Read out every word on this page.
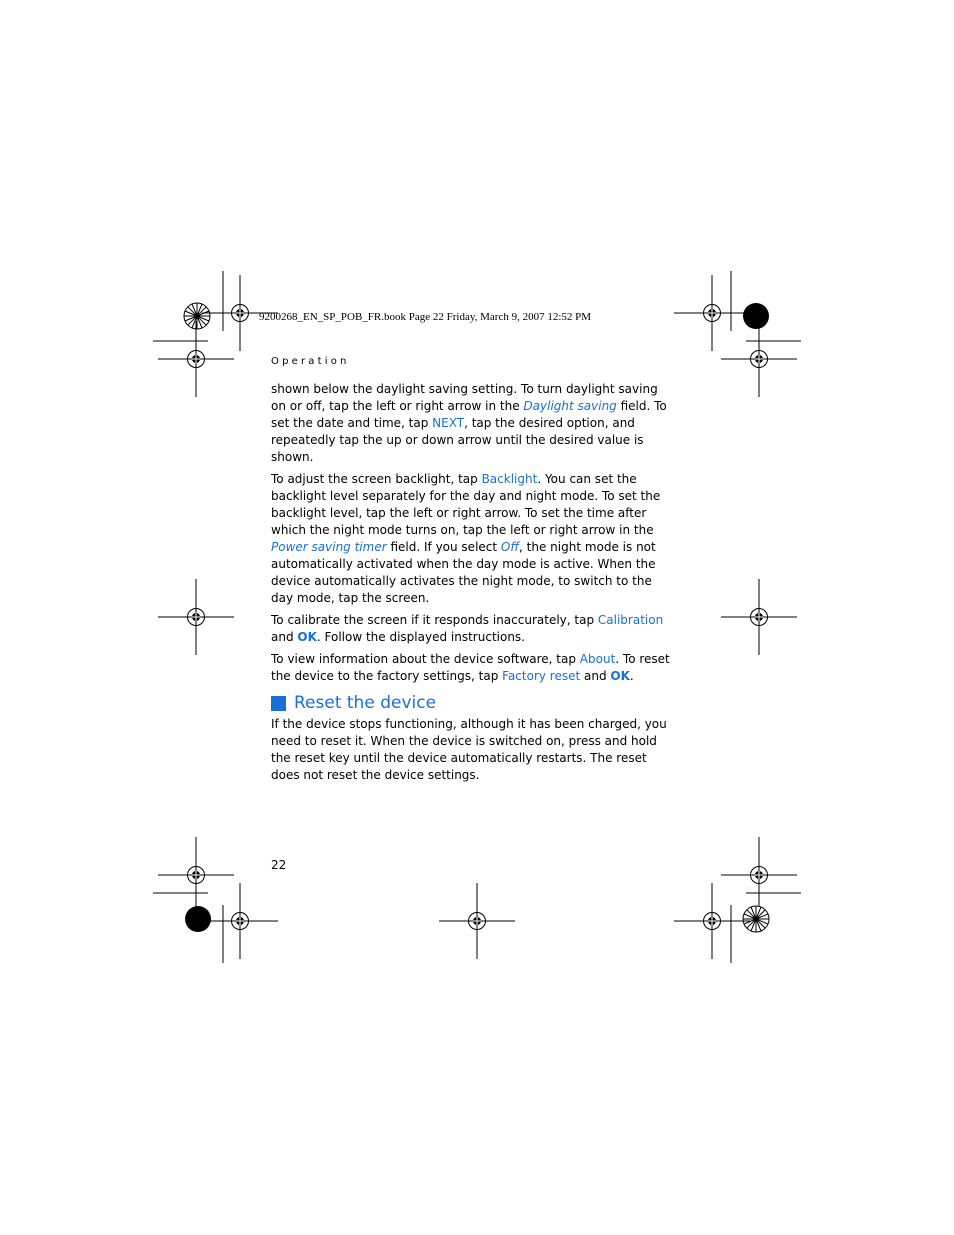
9200268_EN_SP_POB_FR.book Page 22 Friday, March 9, 2007 12:52 PM
Operation

shown below the daylight saving setting. To turn daylight saving on or off, tap the left or right arrow in the Daylight saving field. To set the date and time, tap NEXT, tap the desired option, and repeatedly tap the up or down arrow until the desired value is shown.

To adjust the screen backlight, tap Backlight. You can set the backlight level separately for the day and night mode. To set the backlight level, tap the left or right arrow. To set the time after which the night mode turns on, tap the left or right arrow in the Power saving timer field. If you select Off, the night mode is not automatically activated when the day mode is active. When the device automatically activates the night mode, to switch to the day mode, tap the screen.

To calibrate the screen if it responds inaccurately, tap Calibration and OK. Follow the displayed instructions.

To view information about the device software, tap About. To reset the device to the factory settings, tap Factory reset and OK.

Reset the device

If the device stops functioning, although it has been charged, you need to reset it. When the device is switched on, press and hold the reset key until the device automatically restarts. The reset does not reset the device settings.

22
